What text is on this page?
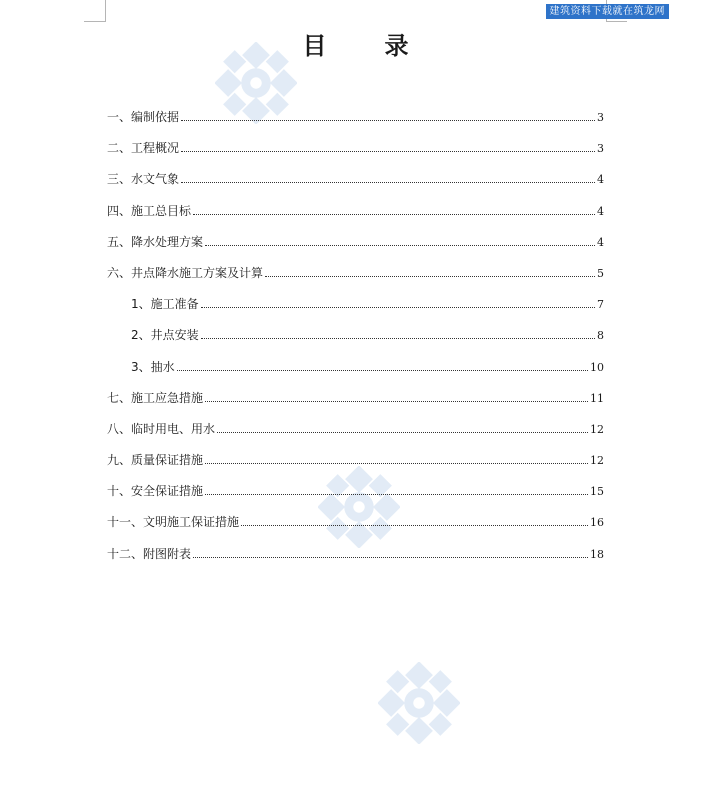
建筑资料下载就在筑龙网
目 录
一、编制依据	3
二、工程概况	3
三、水文气象	4
四、施工总目标	4
五、降水处理方案	4
六、井点降水施工方案及计算	5
1、施工准备	7
2、井点安装	8
3、抽水	10
七、施工应急措施	11
八、临时用电、用水	12
九、质量保证措施	12
十、安全保证措施	15
十一、文明施工保证措施	16
十二、附图附表	18
